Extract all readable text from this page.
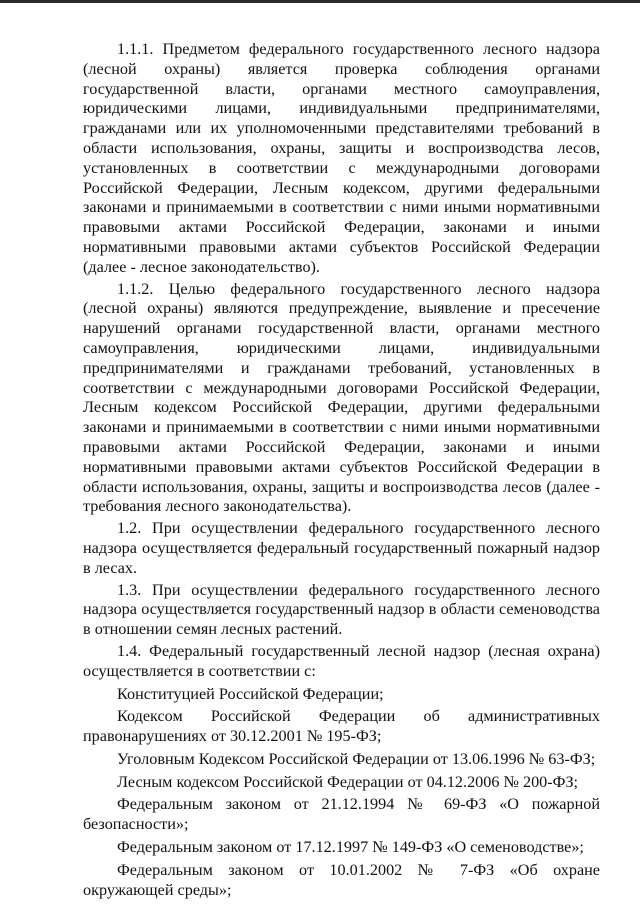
1.1.1. Предметом федерального государственного лесного надзора (лесной охраны) является проверка соблюдения органами государственной власти, органами местного самоуправления, юридическими лицами, индивидуальными предпринимателями, гражданами или их уполномоченными представителями требований в области использования, охраны, защиты и воспроизводства лесов, установленных в соответствии с международными договорами Российской Федерации, Лесным кодексом, другими федеральными законами и принимаемыми в соответствии с ними иными нормативными правовыми актами Российской Федерации, законами и иными нормативными правовыми актами субъектов Российской Федерации (далее - лесное законодательство).

1.1.2. Целью федерального государственного лесного надзора (лесной охраны) являются предупреждение, выявление и пресечение нарушений органами государственной власти, органами местного самоуправления, юридическими лицами, индивидуальными предпринимателями и гражданами требований, установленных в соответствии с международными договорами Российской Федерации, Лесным кодексом Российской Федерации, другими федеральными законами и принимаемыми в соответствии с ними иными нормативными правовыми актами Российской Федерации, законами и иными нормативными правовыми актами субъектов Российской Федерации в области использования, охраны, защиты и воспроизводства лесов (далее - требования лесного законодательства).

1.2. При осуществлении федерального государственного лесного надзора осуществляется федеральный государственный пожарный надзор в лесах.

1.3. При осуществлении федерального государственного лесного надзора осуществляется государственный надзор в области семеноводства в отношении семян лесных растений.

1.4. Федеральный государственный лесной надзор (лесная охрана) осуществляется в соответствии с:

Конституцией Российской Федерации;

Кодексом Российской Федерации об административных правонарушениях от 30.12.2001 № 195-ФЗ;

Уголовным Кодексом Российской Федерации от 13.06.1996 № 63-ФЗ;

Лесным кодексом Российской Федерации от 04.12.2006 № 200-ФЗ;

Федеральным законом от 21.12.1994 № 69-ФЗ «О пожарной безопасности»;

Федеральным законом от 17.12.1997 № 149-ФЗ «О семеноводстве»;

Федеральным законом от 10.01.2002 № 7-ФЗ «Об охране окружающей среды»;
